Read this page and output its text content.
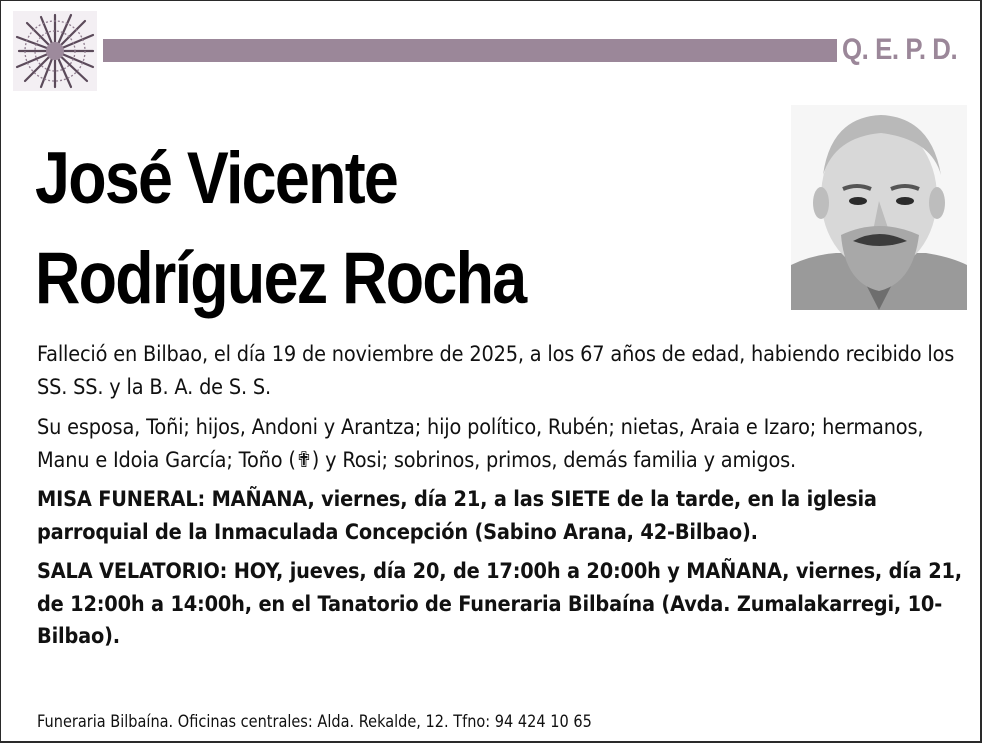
Q. E. P. D.
José Vicente
Rodríguez Rocha

Falleció en Bilbao, el día 19 de noviembre de 2025, a los 67 años de edad, habiendo recibido los SS. SS. y la B. A. de S. S.

Su esposa, Toñi; hijos, Andoni y Arantza; hijo político, Rubén; nietas, Araia e Izaro; hermanos, Manu e Idoia García; Toño (✟) y Rosi; sobrinos, primos, demás familia y amigos.

MISA FUNERAL: MAÑANA, viernes, día 21, a las SIETE de la tarde, en la iglesia parroquial de la Inmaculada Concepción (Sabino Arana, 42-Bilbao).

SALA VELATORIO: HOY, jueves, día 20, de 17:00h a 20:00h y MAÑANA, viernes, día 21, de 12:00h a 14:00h, en el Tanatorio de Funeraria Bilbaína (Avda. Zumalakarregi, 10-Bilbao).

Funeraria Bilbaína. Oficinas centrales: Alda. Rekalde, 12. Tfno: 94 424 10 65
